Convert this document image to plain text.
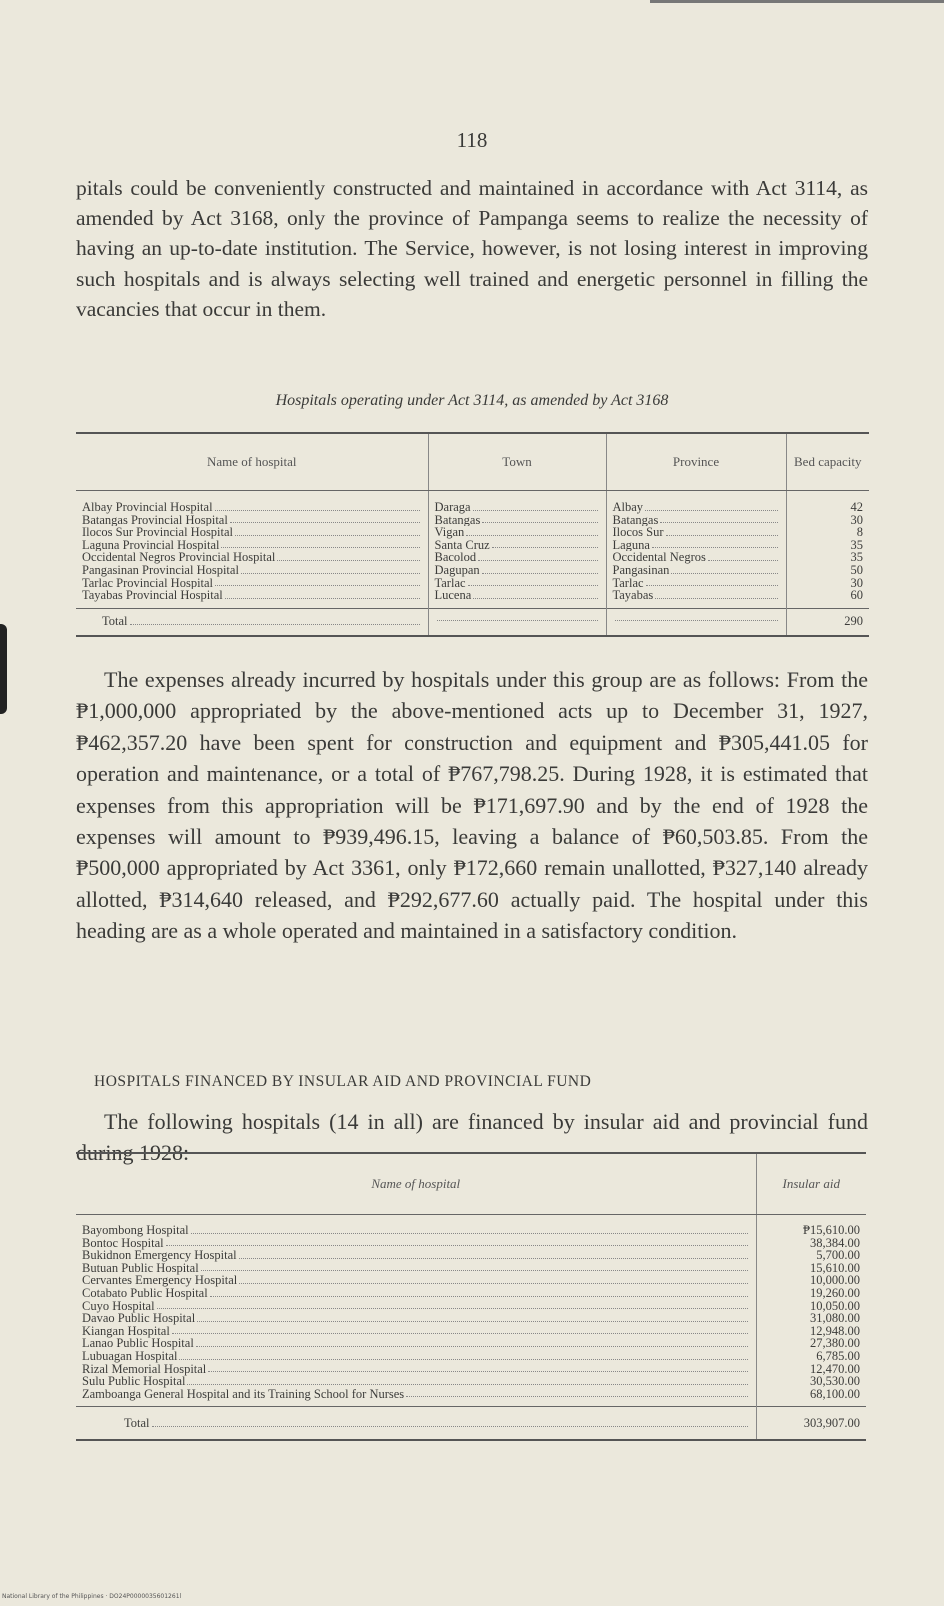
118

pitals could be conveniently constructed and maintained in accordance with Act 3114, as amended by Act 3168, only the province of Pampanga seems to realize the necessity of having an up-to-date institution. The Service, however, is not losing interest in improving such hospitals and is always selecting well trained and energetic personnel in filling the vacancies that occur in them.

Hospitals operating under Act 3114, as amended by Act 3168
Name of hospital	Town	Province	Bed capacity

Albay Provincial Hospital	Daraga	Albay	42

Batangas Provincial Hospital	Batangas	Batangas	30

Ilocos Sur Provincial Hospital	Vigan	Ilocos Sur	8

Laguna Provincial Hospital	Santa Cruz	Laguna	35

Occidental Negros Provincial Hospital	Bacolod	Occidental Negros	35

Pangasinan Provincial Hospital	Dagupan	Pangasinan	50

Tarlac Provincial Hospital	Tarlac	Tarlac	30

Tayabas Provincial Hospital	Lucena	Tayabas	60

Total			290

The expenses already incurred by hospitals under this group are as follows: From the ₱1,000,000 appropriated by the above-mentioned acts up to December 31, 1927, ₱462,357.20 have been spent for construction and equipment and ₱305,441.05 for operation and maintenance, or a total of ₱767,798.25. During 1928, it is estimated that expenses from this appropriation will be ₱171,697.90 and by the end of 1928 the expenses will amount to ₱939,496.15, leaving a balance of ₱60,503.85. From the ₱500,000 appropriated by Act 3361, only ₱172,660 remain unallotted, ₱327,140 already allotted, ₱314,640 released, and ₱292,677.60 actually paid. The hospital under this heading are as a whole operated and maintained in a satisfactory condition.

HOSPITALS FINANCED BY INSULAR AID AND PROVINCIAL FUND

The following hospitals (14 in all) are financed by insular aid and provincial fund during 1928:

Name of hospital	Insular aid

Bayombong Hospital	₱15,610.00

Bontoc Hospital	38,384.00

Bukidnon Emergency Hospital	5,700.00

Butuan Public Hospital	15,610.00

Cervantes Emergency Hospital	10,000.00

Cotabato Public Hospital	19,260.00

Cuyo Hospital	10,050.00

Davao Public Hospital	31,080.00

Kiangan Hospital	12,948.00

Lanao Public Hospital	27,380.00

Lubuagan Hospital	6,785.00

Rizal Memorial Hospital	12,470.00

Sulu Public Hospital	30,530.00

Zamboanga General Hospital and its Training School for Nurses	68,100.00

Total	303,907.00
National Library of the Philippines · DO24P0000035601261l
